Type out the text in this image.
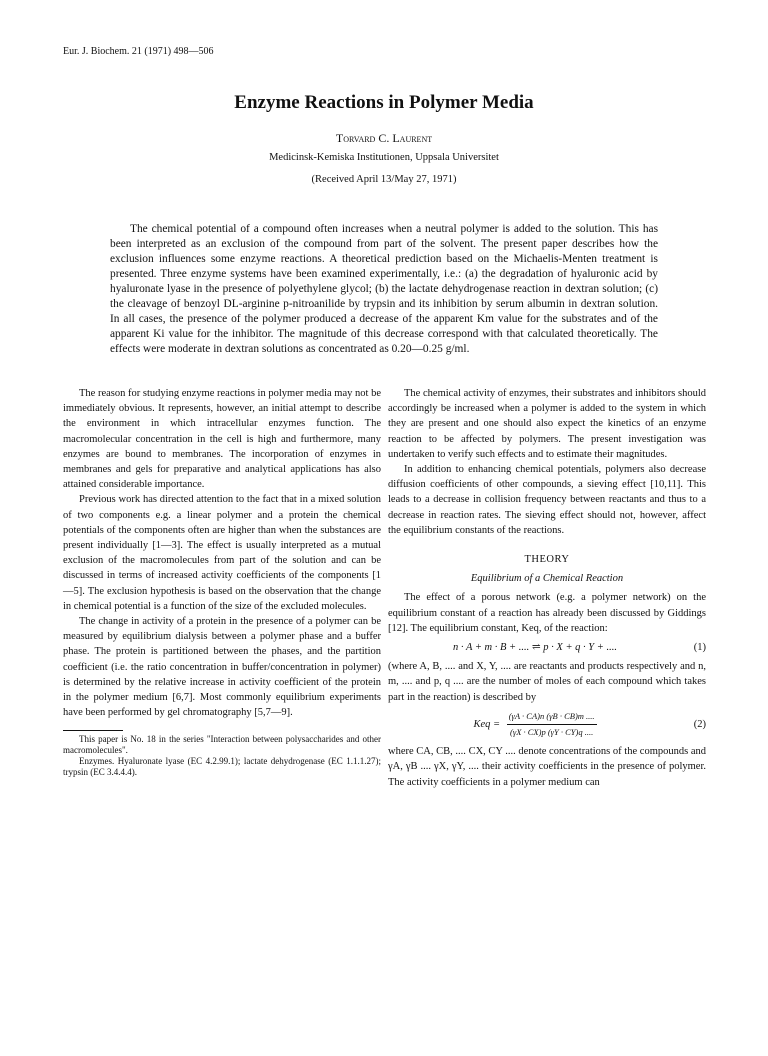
Eur. J. Biochem. 21 (1971) 498—506
Enzyme Reactions in Polymer Media
Torvard C. Laurent
Medicinsk-Kemiska Institutionen, Uppsala Universitet
(Received April 13/May 27, 1971)

The chemical potential of a compound often increases when a neutral polymer is added to the solution. This has been interpreted as an exclusion of the compound from part of the solvent. The present paper describes how the exclusion influences some enzyme reactions. A theoretical prediction based on the Michaelis-Menten treatment is presented. Three enzyme systems have been examined experimentally, i.e.: (a) the degradation of hyaluronic acid by hyaluronate lyase in the presence of polyethylene glycol; (b) the lactate dehydrogenase reaction in dextran solution; (c) the cleavage of benzoyl DL-arginine p-nitroanilide by trypsin and its inhibition by serum albumin in dextran solution. In all cases, the presence of the polymer produced a decrease of the apparent Km value for the substrates and of the apparent Ki value for the inhibitor. The magnitude of this decrease correspond with that calculated theoretically. The effects were moderate in dextran solutions as concentrated as 0.20—0.25 g/ml.

The reason for studying enzyme reactions in polymer media may not be immediately obvious. It represents, however, an initial attempt to describe the environment in which intracellular enzymes function. The macromolecular concentration in the cell is high and furthermore, many enzymes are bound to membranes. The incorporation of enzymes in membranes and gels for preparative and analytical applications has also attained considerable importance.

Previous work has directed attention to the fact that in a mixed solution of two components e.g. a linear polymer and a protein the chemical potentials of the components often are higher than when the substances are present individually [1—3]. The effect is usually interpreted as a mutual exclusion of the macromolecules from part of the solution and can be discussed in terms of increased activity coefficients of the components [1—5]. The exclusion hypothesis is based on the observation that the change in chemical potential is a function of the size of the excluded molecules.

The change in activity of a protein in the presence of a polymer can be measured by equilibrium dialysis between a polymer phase and a buffer phase. The protein is partitioned between the phases, and the partition coefficient (i.e. the ratio concentration in buffer/concentration in polymer) is determined by the relative increase in activity coefficient of the protein in the polymer medium [6,7]. Most commonly equilibrium experiments have been performed by gel chromatography [5,7—9].

This paper is No. 18 in the series "Interaction between polysaccharides and other macromolecules".

Enzymes. Hyaluronate lyase (EC 4.2.99.1); lactate dehydrogenase (EC 1.1.1.27); trypsin (EC 3.4.4.4).

The chemical activity of enzymes, their substrates and inhibitors should accordingly be increased when a polymer is added to the system in which they are present and one should also expect the kinetics of an enzyme reaction to be affected by polymers. The present investigation was undertaken to verify such effects and to estimate their magnitudes.

In addition to enhancing chemical potentials, polymers also decrease diffusion coefficients of other compounds, a sieving effect [10,11]. This leads to a decrease in collision frequency between reactants and thus to a decrease in reaction rates. The sieving effect should not, however, affect the equilibrium constants of the reactions.

THEORY
Equilibrium of a Chemical Reaction

The effect of a porous network (e.g. a polymer network) on the equilibrium constant of a reaction has already been discussed by Giddings [12]. The equilibrium constant, Keq, of the reaction:

n · A + m · B + .... ⇌ p · X + q · Y + ....	(1)

(where A, B, .... and X, Y, .... are reactants and products respectively and n, m, .... and p, q .... are the number of moles of each compound which takes part in the reaction) is described by

Keq = $\frac{(\gamma A \cdot CA)n (\gamma B \cdot CB)m ....}{(\gamma X \cdot CX)p (\gamma Y \cdot CY)q ....}$	(2)

where CA, CB, .... CX, CY .... denote concentrations of the compounds and γA, γB .... γX, γY, .... their activity coefficients in the presence of polymer. The activity coefficients in a polymer medium can
